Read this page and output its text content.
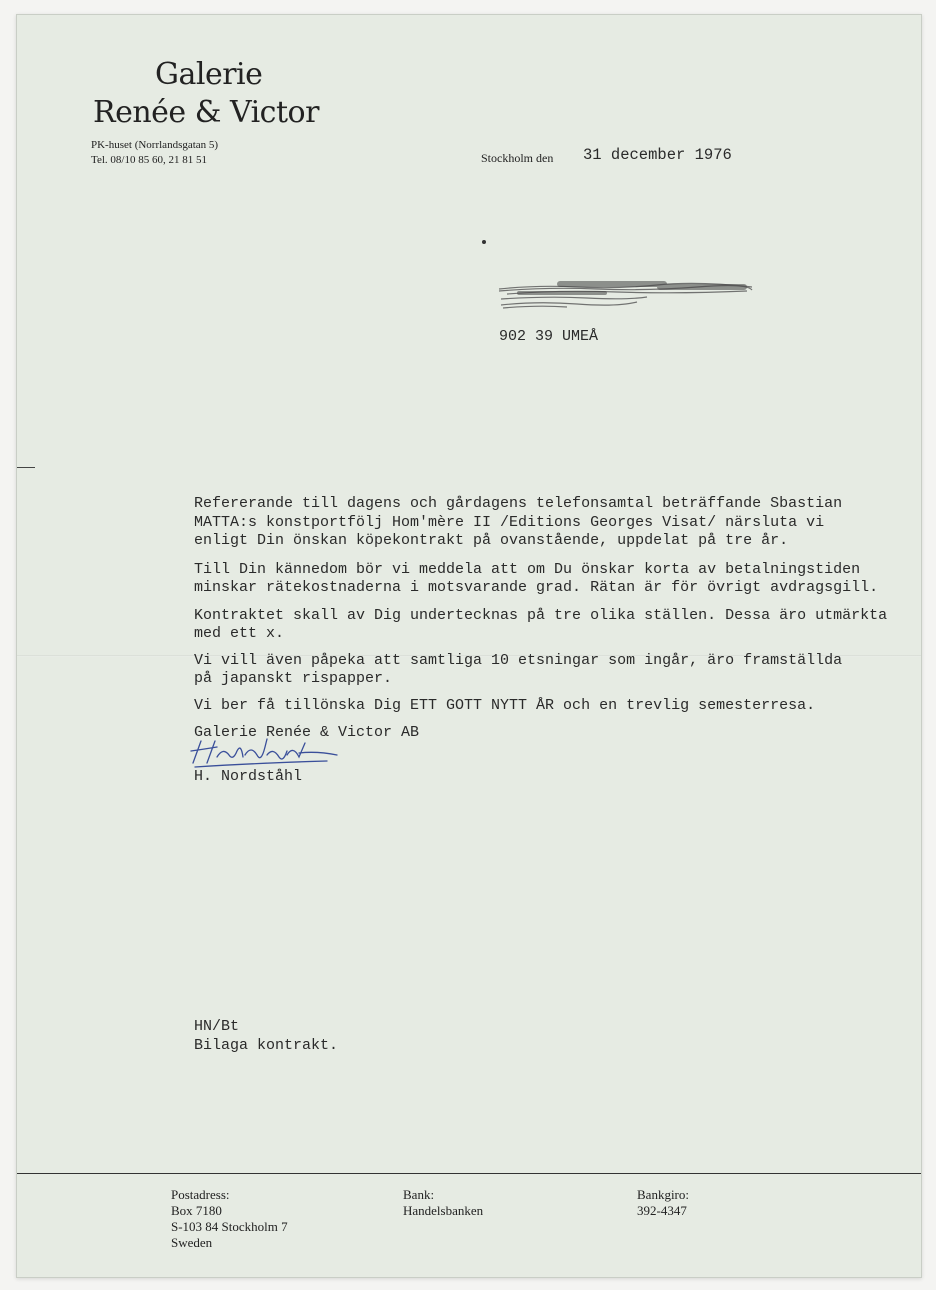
Galerie
Renée & Victor
PK-huset (Norrlandsgatan 5)
Tel. 08/10 85 60, 21 81 51	Stockholm den 31 december 1976
902 39 UMEÅ
Refererande till dagens och gårdagens telefonsamtal beträffande Sbastian
MATTA:s konstportfölj Hom'mère II /Editions Georges Visat/ närsluta vi
enligt Din önskan köpekontrakt på ovanstående, uppdelat på tre år.
Till Din kännedom bör vi meddela att om Du önskar korta av betalningstiden
minskar rätekostnaderna i motsvarande grad. Rätan är för övrigt avdragsgill.
Kontraktet skall av Dig undertecknas på tre olika ställen. Dessa äro utmärkta
med ett x.
Vi vill även påpeka att samtliga 10 etsningar som ingår, äro framställda
på japanskt rispapper.
Vi ber få tillönska Dig ETT GOTT NYTT ÅR och en trevlig semesterresa.
Galerie Renée & Victor AB
H. Nordståhl
HN/Bt
Bilaga kontrakt.
Postadress:
Box 7180
S-103 84 Stockholm 7
Sweden
Bank:
Handelsbanken
Bankgiro:
392-4347
